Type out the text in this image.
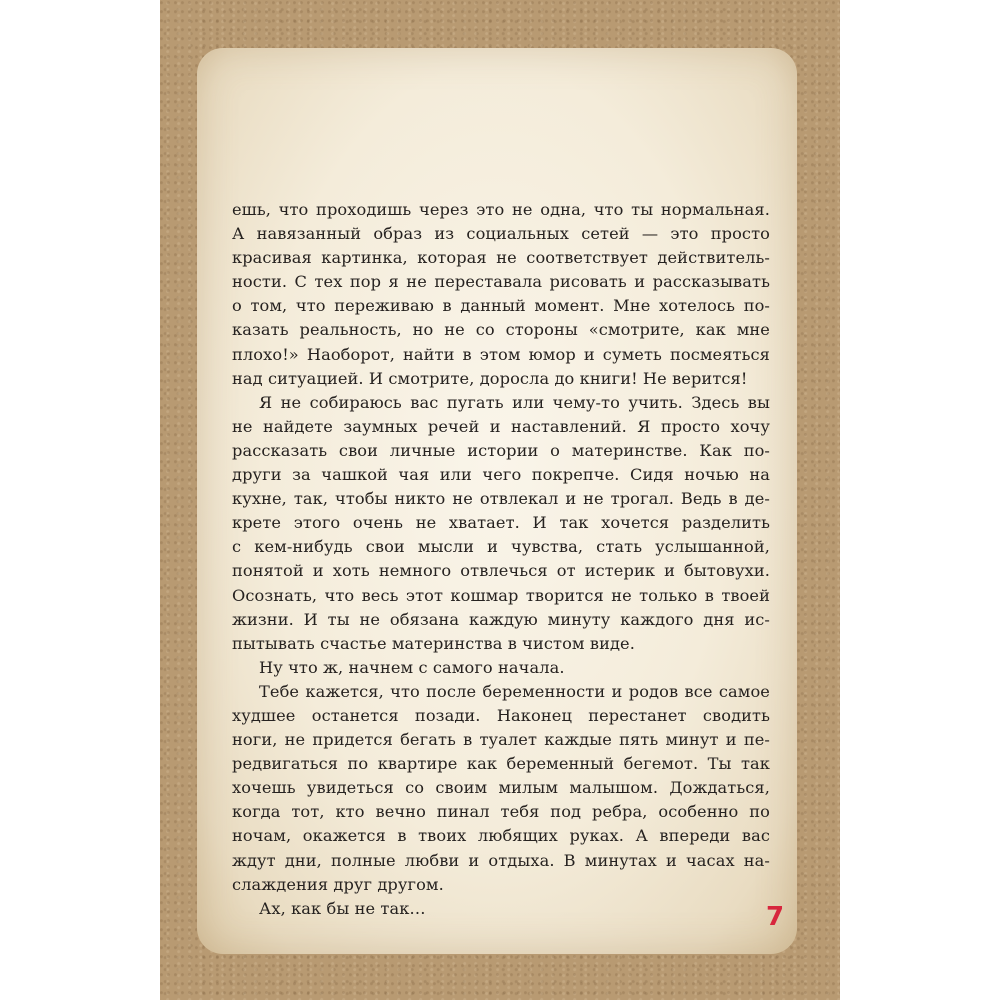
ешь, что проходишь через это не одна, что ты нормальная.
А навязанный образ из социальных сетей — это просто
красивая картинка, которая не соответствует действитель-
ности. С тех пор я не переставала рисовать и рассказывать
о том, что переживаю в данный момент. Мне хотелось по-
казать реальность, но не со стороны «смотрите, как мне
плохо!» Наоборот, найти в этом юмор и суметь посмеяться
над ситуацией. И смотрите, доросла до книги! Не верится!
Я не собираюсь вас пугать или чему-то учить. Здесь вы
не найдете заумных речей и наставлений. Я просто хочу
рассказать свои личные истории о материнстве. Как по-
други за чашкой чая или чего покрепче. Сидя ночью на
кухне, так, чтобы никто не отвлекал и не трогал. Ведь в де-
крете этого очень не хватает. И так хочется разделить
с кем-нибудь свои мысли и чувства, стать услышанной,
понятой и хоть немного отвлечься от истерик и бытовухи.
Осознать, что весь этот кошмар творится не только в твоей
жизни. И ты не обязана каждую минуту каждого дня ис-
пытывать счастье материнства в чистом виде.
Ну что ж, начнем с самого начала.
Тебе кажется, что после беременности и родов все самое
худшее останется позади. Наконец перестанет сводить
ноги, не придется бегать в туалет каждые пять минут и пе-
редвигаться по квартире как беременный бегемот. Ты так
хочешь увидеться со своим милым малышом. Дождаться,
когда тот, кто вечно пинал тебя под ребра, особенно по
ночам, окажется в твоих любящих руках. А впереди вас
ждут дни, полные любви и отдыха. В минутах и часах на-
слаждения друг другом.
Ах, как бы не так…	7
